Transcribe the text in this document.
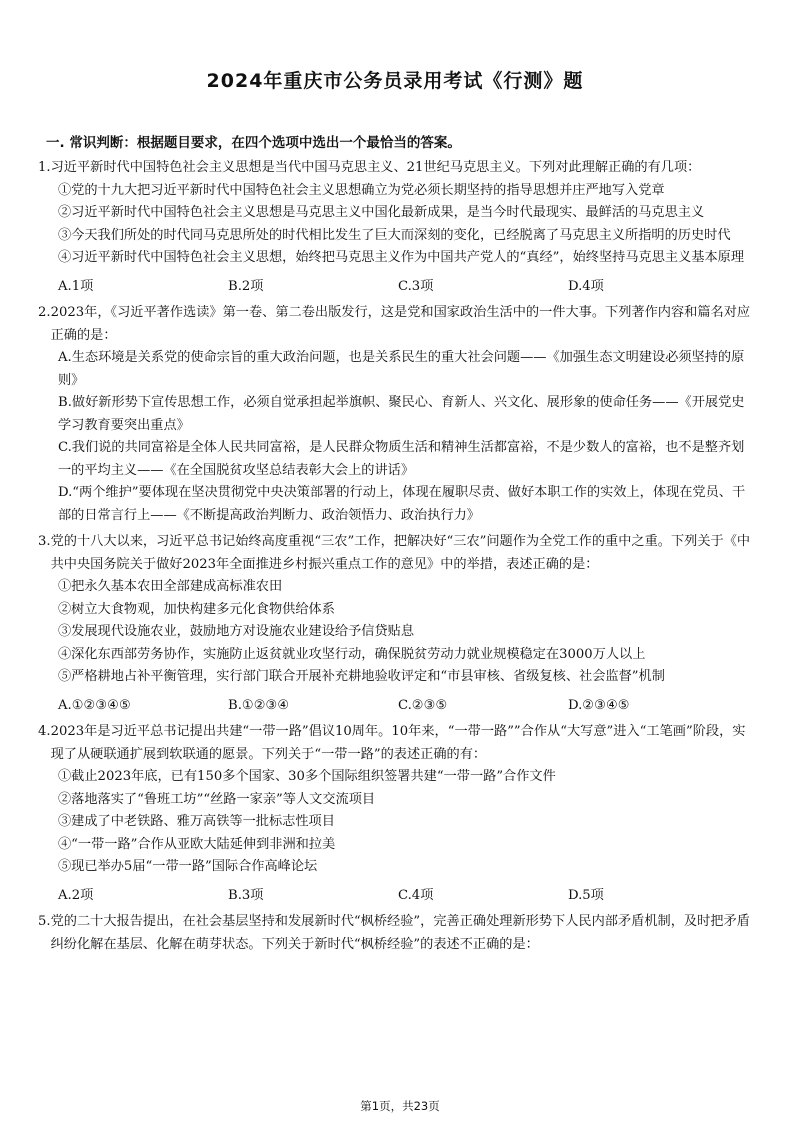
2024年重庆市公务员录用考试《行测》题
一. 常识判断：根据题目要求，在四个选项中选出一个最恰当的答案。
1. 习近平新时代中国特色社会主义思想是当代中国马克思主义、21世纪马克思主义。下列对此理解正确的有几项：
①党的十九大把习近平新时代中国特色社会主义思想确立为党必须长期坚持的指导思想并庄严地写入党章
②习近平新时代中国特色社会主义思想是马克思主义中国化最新成果，是当今时代最现实、最鲜活的马克思主义
③今天我们所处的时代同马克思所处的时代相比发生了巨大而深刻的变化，已经脱离了马克思主义所指明的历史时代
④习近平新时代中国特色社会主义思想，始终把马克思主义作为中国共产党人的“真经”，始终坚持马克思主义基本原理
A.1项	B.2项	C.3项	D.4项
2. 2023年，《习近平著作选读》第一卷、第二卷出版发行，这是党和国家政治生活中的一件大事。下列著作内容和篇名对应正确的是：
A.生态环境是关系党的使命宗旨的重大政治问题，也是关系民生的重大社会问题——《加强生态文明建设必须坚持的原则》
B.做好新形势下宣传思想工作，必须自觉承担起举旗帜、聚民心、育新人、兴文化、展形象的使命任务——《开展党史学习教育要突出重点》
C.我们说的共同富裕是全体人民共同富裕，是人民群众物质生活和精神生活都富裕，不是少数人的富裕，也不是整齐划一的平均主义——《在全国脱贫攻坚总结表彰大会上的讲话》
D.“两个维护”要体现在坚决贯彻党中央决策部署的行动上，体现在履职尽责、做好本职工作的实效上，体现在党员、干部的日常言行上——《不断提高政治判断力、政治领悟力、政治执行力》
3. 党的十八大以来，习近平总书记始终高度重视“三农”工作，把解决好“三农”问题作为全党工作的重中之重。下列关于《中共中央国务院关于做好2023年全面推进乡村振兴重点工作的意见》中的举措，表述正确的是：
①把永久基本农田全部建成高标准农田
②树立大食物观，加快构建多元化食物供给体系
③发展现代设施农业，鼓励地方对设施农业建设给予信贷贴息
④深化东西部劳务协作，实施防止返贫就业攻坚行动，确保脱贫劳动力就业规模稳定在3000万人以上
⑤严格耕地占补平衡管理，实行部门联合开展补充耕地验收评定和“市县审核、省级复核、社会监督”机制
A.①②③④⑤	B.①②③④	C.②③⑤	D.②③④⑤
4. 2023年是习近平总书记提出共建“一带一路”倡议10周年。10年来，“一带一路””合作从“大写意”进入“工笔画”阶段，实现了从硬联通扩展到软联通的愿景。下列关于“一带一路”的表述正确的有：
①截止2023年底，已有150多个国家、30多个国际组织签署共建“一带一路”合作文件
②落地落实了“鲁班工坊”“丝路一家亲”等人文交流项目
③建成了中老铁路、雅万高铁等一批标志性项目
④“一带一路”合作从亚欧大陆延伸到非洲和拉美
⑤现已举办5届“一带一路”国际合作高峰论坛
A.2项	B.3项	C.4项	D.5项
5. 党的二十大报告提出，在社会基层坚持和发展新时代“枫桥经验”，完善正确处理新形势下人民内部矛盾机制，及时把矛盾纠纷化解在基层、化解在萌芽状态。下列关于新时代“枫桥经验”的表述不正确的是：
第1页，共23页
